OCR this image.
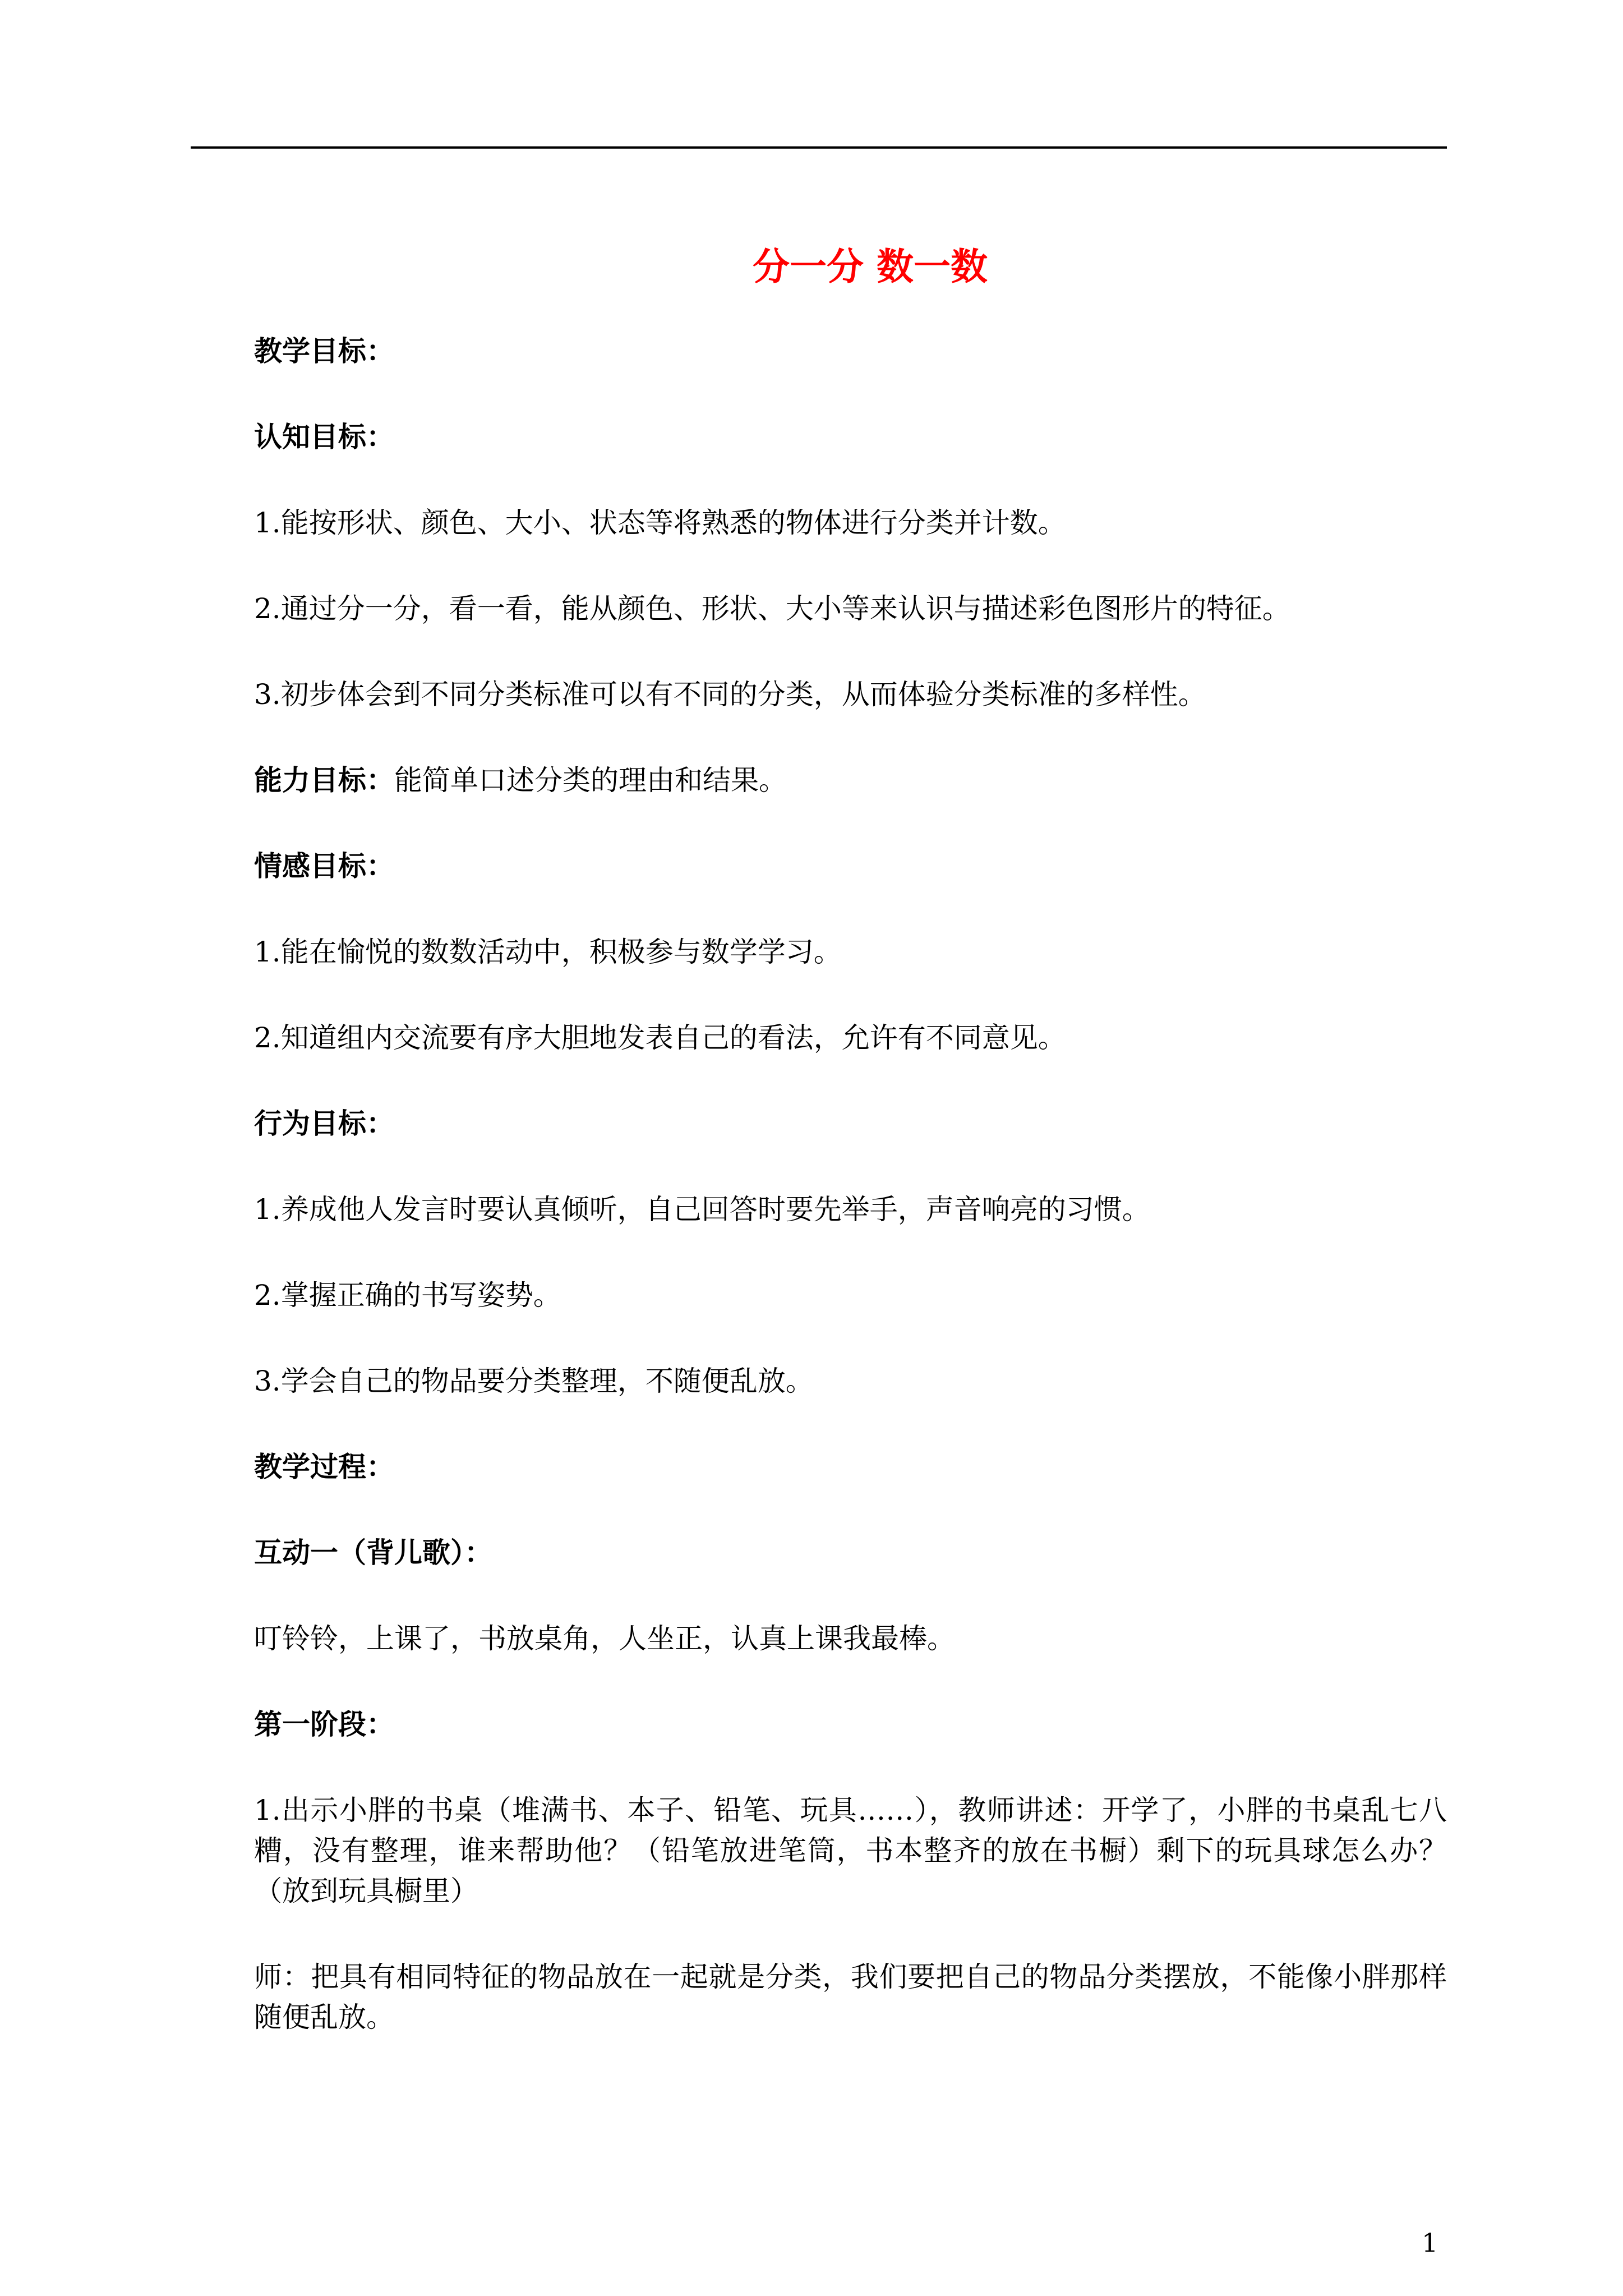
分一分 数一数
教学目标：
认知目标：
1.能按形状、颜色、大小、状态等将熟悉的物体进行分类并计数。
2.通过分一分，看一看，能从颜色、形状、大小等来认识与描述彩色图形片的特征。
3.初步体会到不同分类标准可以有不同的分类，从而体验分类标准的多样性。
能力目标：能简单口述分类的理由和结果。
情感目标：
1.能在愉悦的数数活动中，积极参与数学学习。
2.知道组内交流要有序大胆地发表自己的看法，允许有不同意见。
行为目标：
1.养成他人发言时要认真倾听，自己回答时要先举手，声音响亮的习惯。
2.掌握正确的书写姿势。
3.学会自己的物品要分类整理，不随便乱放。
教学过程：
互动一（背儿歌）：
叮铃铃，上课了，书放桌角，人坐正，认真上课我最棒。
第一阶段：
1.出示小胖的书桌（堆满书、本子、铅笔、玩具……），教师讲述：开学了，小胖的书桌乱七八糟，没有整理，谁来帮助他？（铅笔放进笔筒，书本整齐的放在书橱）剩下的玩具球怎么办？（放到玩具橱里）
师：把具有相同特征的物品放在一起就是分类，我们要把自己的物品分类摆放，不能像小胖那样随便乱放。
1
